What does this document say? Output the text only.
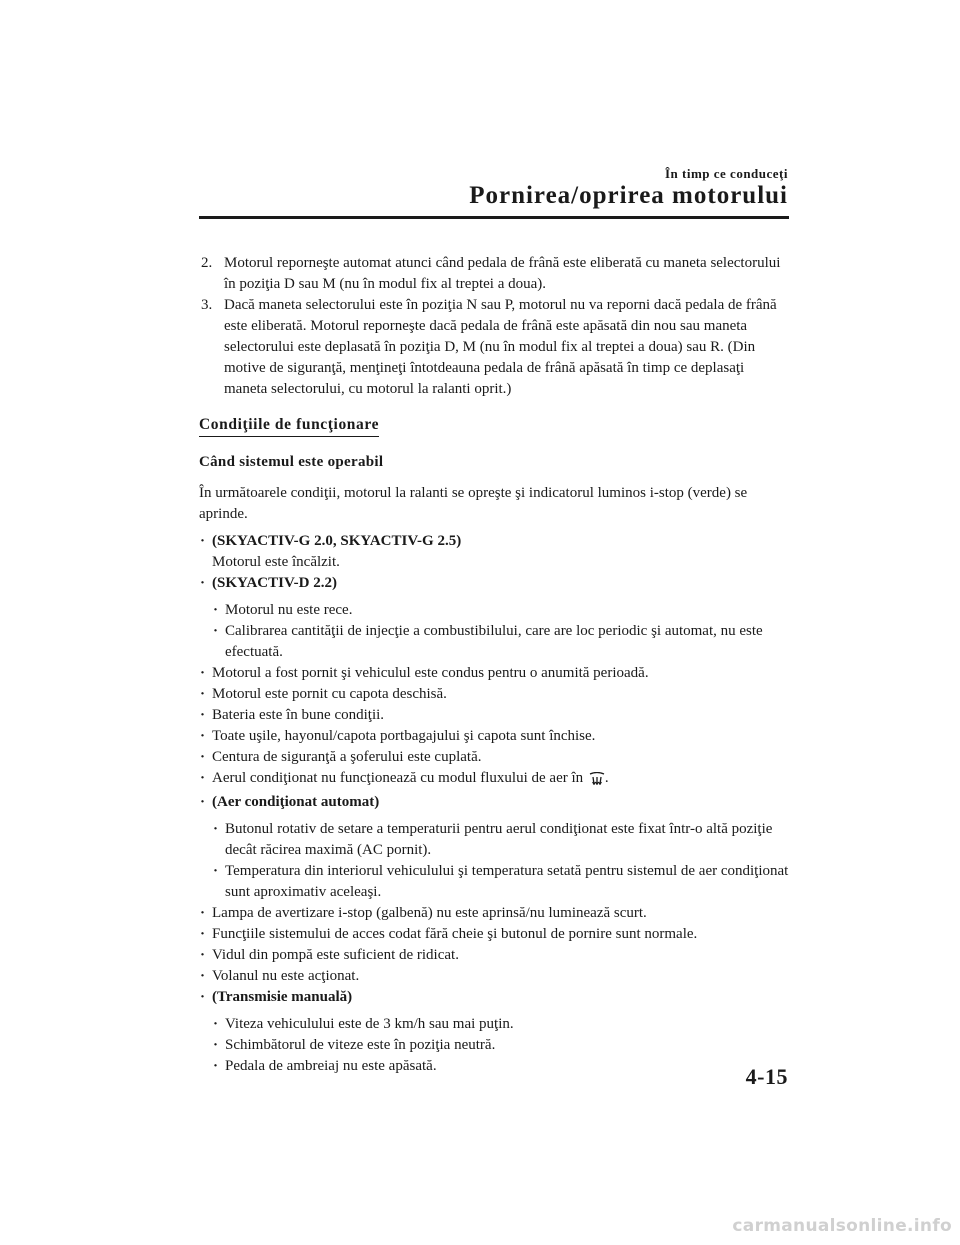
În timp ce conduceţi
Pornirea/oprirea motorului
2. Motorul reporneşte automat atunci când pedala de frână este eliberată cu maneta selectorului în poziţia D sau M (nu în modul fix al treptei a doua).
3. Dacă maneta selectorului este în poziţia N sau P, motorul nu va reporni dacă pedala de frână este eliberată. Motorul reporneşte dacă pedala de frână este apăsată din nou sau maneta selectorului este deplasată în poziţia D, M (nu în modul fix al treptei a doua) sau R. (Din motive de siguranţă, menţineţi întotdeauna pedala de frână apăsată în timp ce deplasaţi maneta selectorului, cu motorul la ralanti oprit.)
Condiţiile de funcţionare
Când sistemul este operabil
În următoarele condiţii, motorul la ralanti se opreşte şi indicatorul luminos i-stop (verde) se aprinde.
· (SKYACTIV-G 2.0, SKYACTIV-G 2.5)
Motorul este încălzit.
· (SKYACTIV-D 2.2)
· Motorul nu este rece.
· Calibrarea cantităţii de injecţie a combustibilului, care are loc periodic şi automat, nu este efectuată.
· Motorul a fost pornit şi vehiculul este condus pentru o anumită perioadă.
· Motorul este pornit cu capota deschisă.
· Bateria este în bune condiţii.
· Toate uşile, hayonul/capota portbagajului şi capota sunt închise.
· Centura de siguranţă a şoferului este cuplată.
· Aerul condiţionat nu funcţionează cu modul fluxului de aer în .
· (Aer condiţionat automat)
· Butonul rotativ de setare a temperaturii pentru aerul condiţionat este fixat într-o altă poziţie decât răcirea maximă (AC pornit).
· Temperatura din interiorul vehiculului şi temperatura setată pentru sistemul de aer condiţionat sunt aproximativ aceleaşi.
· Lampa de avertizare i-stop (galbenă) nu este aprinsă/nu luminează scurt.
· Funcţiile sistemului de acces codat fără cheie şi butonul de pornire sunt normale.
· Vidul din pompă este suficient de ridicat.
· Volanul nu este acţionat.
· (Transmisie manuală)
· Viteza vehiculului este de 3 km/h sau mai puţin.
· Schimbătorul de viteze este în poziţia neutră.
· Pedala de ambreiaj nu este apăsată.	4-15
carmanualsonline.info
